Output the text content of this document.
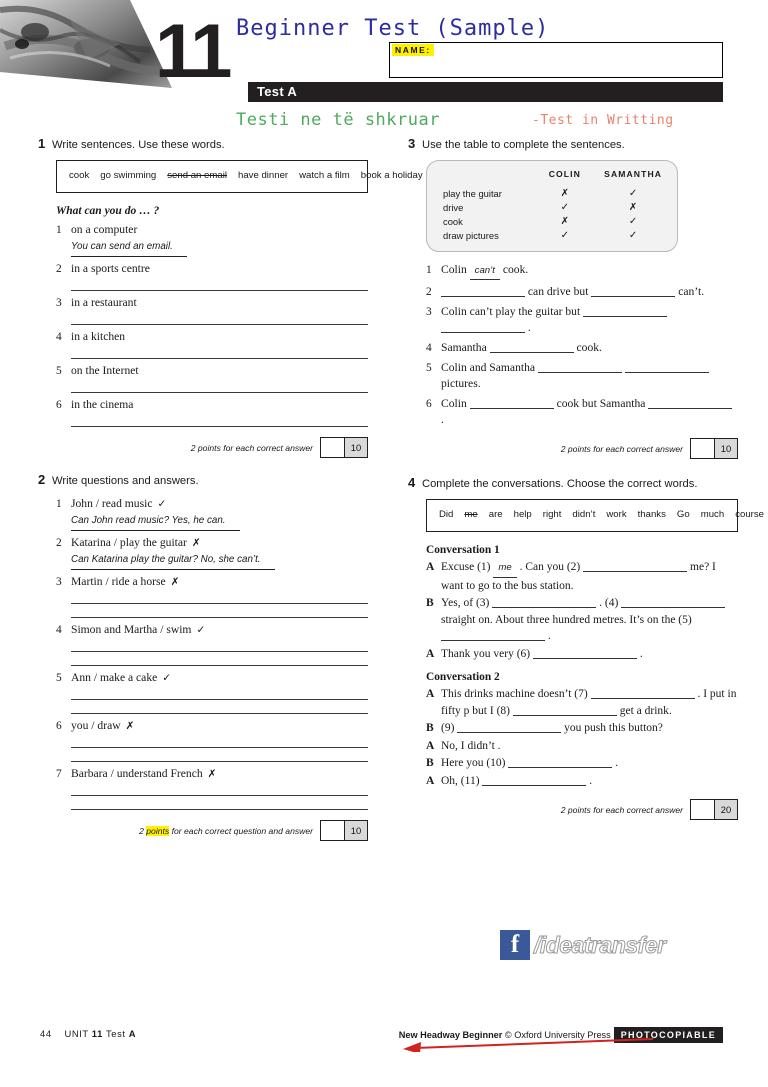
11 Beginner Test (Sample)
NAME:
Test A
Testi ne të shkruar	-Test in Writting
1 Write sentences. Use these words.
cook go swimming send an email have dinner watch a film book a holiday
What can you do … ?
1 on a computer
You can send an email.
2 in a sports centre
3 in a restaurant
4 in a kitchen
5 on the Internet
6 in the cinema
2 points for each correct answer	10
2 Write questions and answers.
1 John / read music ✓
Can John read music? Yes, he can.
2 Katarina / play the guitar ✗
Can Katarina play the guitar? No, she can’t.
3 Martin / ride a horse ✗
4 Simon and Martha / swim ✓
5 Ann / make a cake ✓
6 you / draw ✗
7 Barbara / understand French ✗
2 points for each correct question and answer	10
3 Use the table to complete the sentences.
	COLIN	SAMANTHA
play the guitar	✗	✓
drive	✓	✗
cook	✗	✓
draw pictures	✓	✓
1 Colin can’t cook.
2	can drive but	can’t.
3 Colin can’t play the guitar but   .
4 Samantha	cook.
5 Colin and Samantha   pictures.
6 Colin	cook but Samantha  .
2 points for each correct answer	10
4 Complete the conversations. Choose the correct words.
Did me are help right didn’t work thanks Go much course
Conversation 1
A Excuse (1) me . Can you (2)	me? I want to go to the bus station.
B Yes, of (3)	. (4)  straight on. About three hundred metres. It’s on the (5)  .
A Thank you very (6)	.
Conversation 2
A This drinks machine doesn’t (7)	. I put in fifty p but I (8)	get a drink.
B (9)	you push this button?
A No, I didn’t .
B Here you (10)	.
A Oh, (11)	.
2 points for each correct answer	20
f /ideatransfer
44 UNIT 11 Test A	New Headway Beginner © Oxford University Press	PHOTOCOPIABLE
